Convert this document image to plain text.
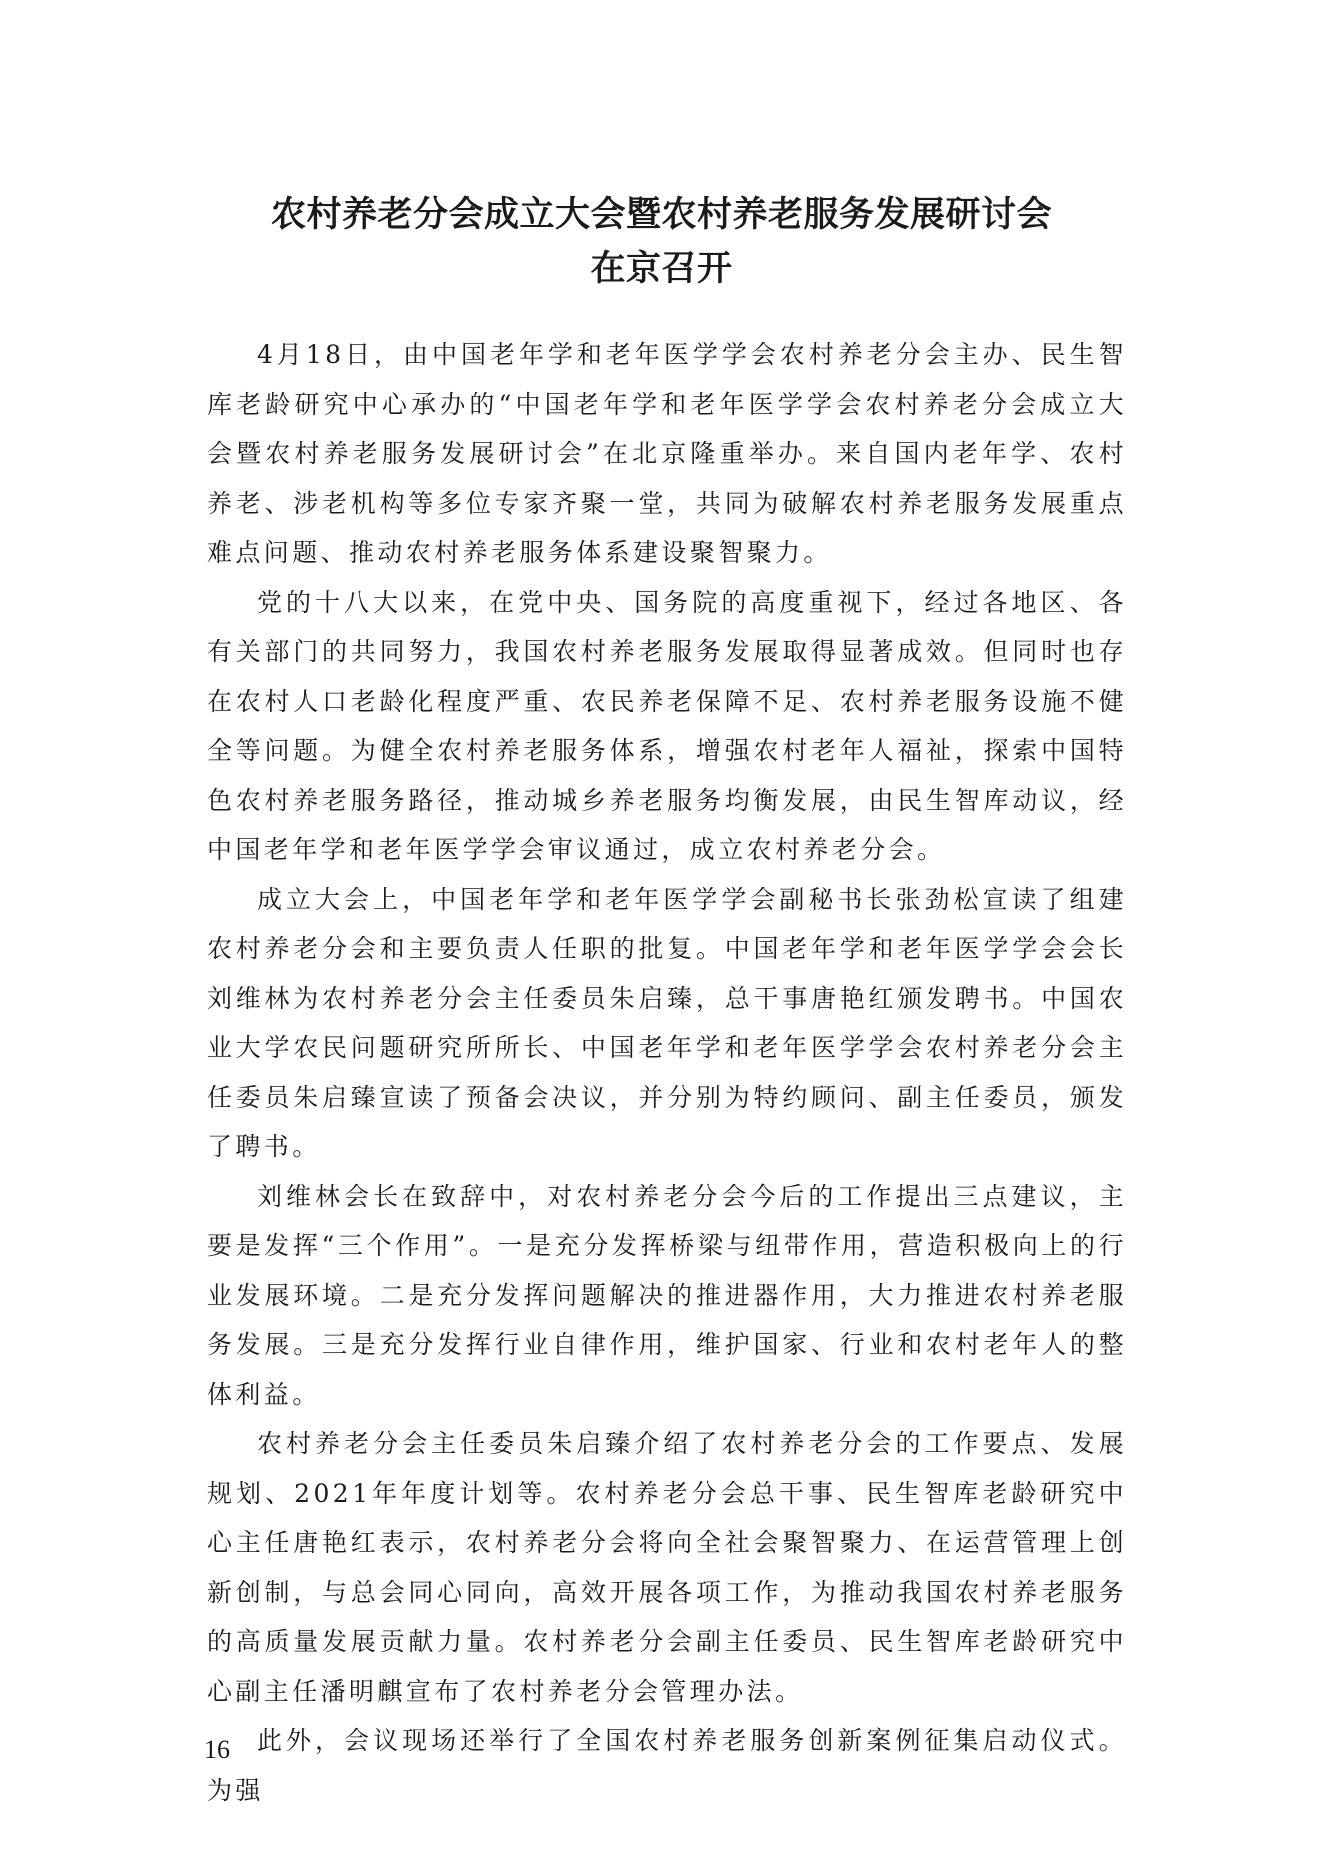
农村养老分会成立大会暨农村养老服务发展研讨会
在京召开

4月18日，由中国老年学和老年医学学会农村养老分会主办、民生智库老龄研究中心承办的“中国老年学和老年医学学会农村养老分会成立大会暨农村养老服务发展研讨会”在北京隆重举办。来自国内老年学、农村养老、涉老机构等多位专家齐聚一堂，共同为破解农村养老服务发展重点难点问题、推动农村养老服务体系建设聚智聚力。

党的十八大以来，在党中央、国务院的高度重视下，经过各地区、各有关部门的共同努力，我国农村养老服务发展取得显著成效。但同时也存在农村人口老龄化程度严重、农民养老保障不足、农村养老服务设施不健全等问题。为健全农村养老服务体系，增强农村老年人福祉，探索中国特色农村养老服务路径，推动城乡养老服务均衡发展，由民生智库动议，经中国老年学和老年医学学会审议通过，成立农村养老分会。

成立大会上，中国老年学和老年医学学会副秘书长张劲松宣读了组建农村养老分会和主要负责人任职的批复。中国老年学和老年医学学会会长刘维林为农村养老分会主任委员朱启臻，总干事唐艳红颁发聘书。中国农业大学农民问题研究所所长、中国老年学和老年医学学会农村养老分会主任委员朱启臻宣读了预备会决议，并分别为特约顾问、副主任委员，颁发了聘书。

刘维林会长在致辞中，对农村养老分会今后的工作提出三点建议，主要是发挥“三个作用”。一是充分发挥桥梁与纽带作用，营造积极向上的行业发展环境。二是充分发挥问题解决的推进器作用，大力推进农村养老服务发展。三是充分发挥行业自律作用，维护国家、行业和农村老年人的整体利益。

农村养老分会主任委员朱启臻介绍了农村养老分会的工作要点、发展规划、2021年年度计划等。农村养老分会总干事、民生智库老龄研究中心主任唐艳红表示，农村养老分会将向全社会聚智聚力、在运营管理上创新创制，与总会同心同向，高效开展各项工作，为推动我国农村养老服务的高质量发展贡献力量。农村养老分会副主任委员、民生智库老龄研究中心副主任潘明麒宣布了农村养老分会管理办法。

此外，会议现场还举行了全国农村养老服务创新案例征集启动仪式。为强

16
